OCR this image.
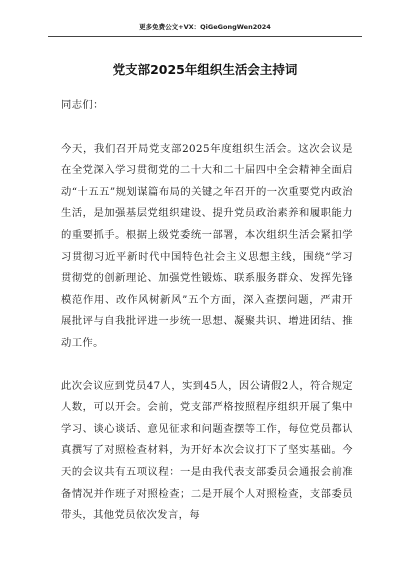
更多免费公文+VX：QiGeGongWen2024
党支部2025年组织生活会主持词

同志们：

今天，我们召开局党支部2025年度组织生活会。这次会议是在全党深入学习贯彻党的二十大和二十届四中全会精神全面启动“十五五”规划谋篇布局的关键之年召开的一次重要党内政治生活，是加强基层党组织建设、提升党员政治素养和履职能力的重要抓手。根据上级党委统一部署，本次组织生活会紧扣学习贯彻习近平新时代中国特色社会主义思想主线，围绕“学习贯彻党的创新理论、加强党性锻炼、联系服务群众、发挥先锋模范作用、改作风树新风”五个方面，深入查摆问题，严肃开展批评与自我批评进一步统一思想、凝聚共识、增进团结、推动工作。

此次会议应到党员47人，实到45人，因公请假2人，符合规定人数，可以开会。会前，党支部严格按照程序组织开展了集中学习、谈心谈话、意见征求和问题查摆等工作，每位党员都认真撰写了对照检查材料，为开好本次会议打下了坚实基础。今天的会议共有五项议程：一是由我代表支部委员会通报会前准备情况并作班子对照检查；二是开展个人对照检查，支部委员带头，其他党员依次发言，每
